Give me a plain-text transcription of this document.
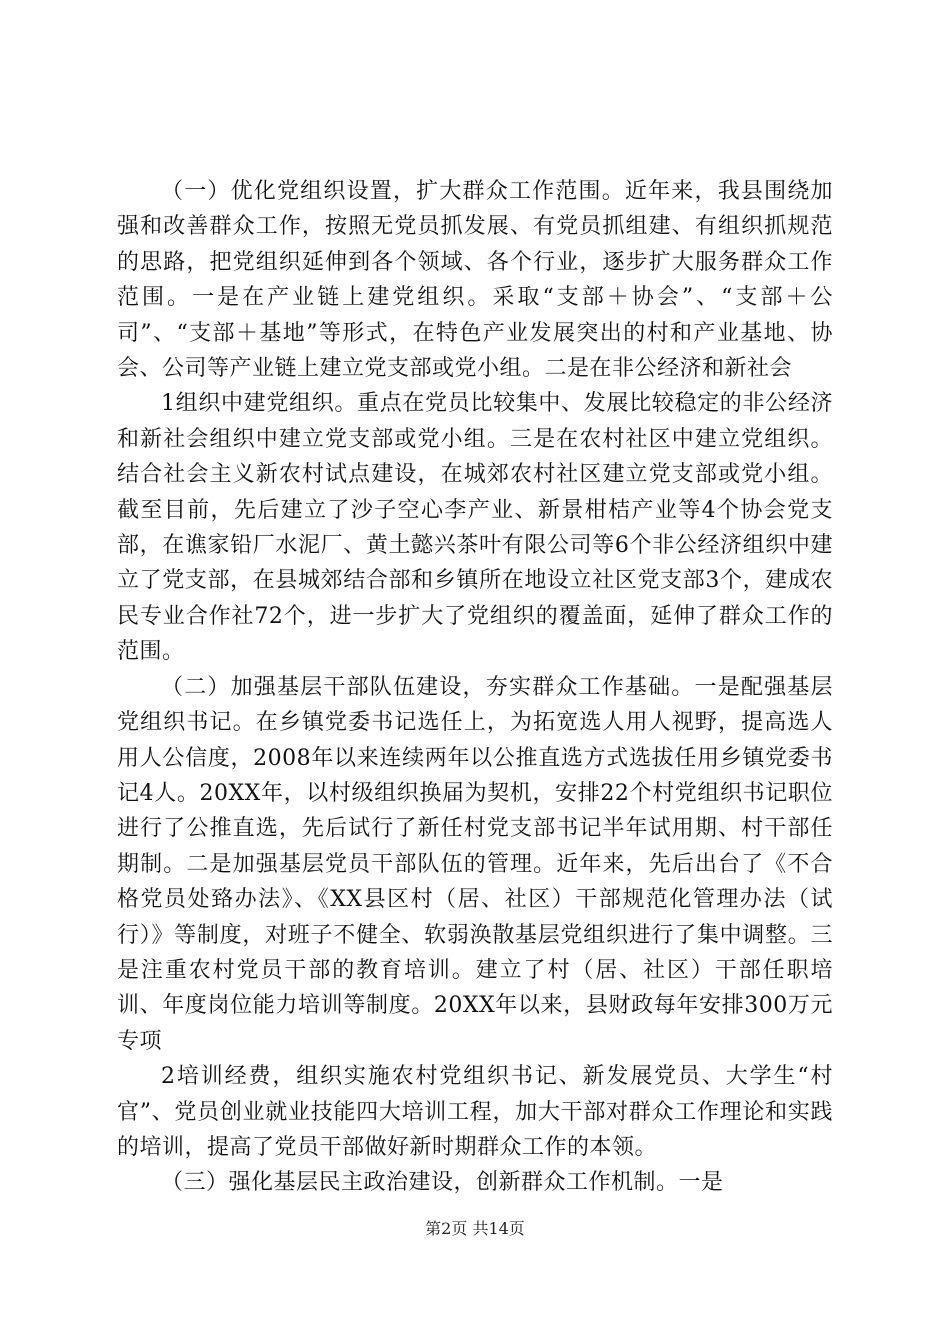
（一）优化党组织设置，扩大群众工作范围。近年来，我县围绕加强和改善群众工作，按照无党员抓发展、有党员抓组建、有组织抓规范的思路，把党组织延伸到各个领域、各个行业，逐步扩大服务群众工作范围。一是在产业链上建党组织。采取“支部＋协会”、“支部＋公司”、“支部＋基地”等形式，在特色产业发展突出的村和产业基地、协会、公司等产业链上建立党支部或党小组。二是在非公经济和新社会

1组织中建党组织。重点在党员比较集中、发展比较稳定的非公经济和新社会组织中建立党支部或党小组。三是在农村社区中建立党组织。结合社会主义新农村试点建设，在城郊农村社区建立党支部或党小组。截至目前，先后建立了沙子空心李产业、新景柑桔产业等4个协会党支部，在谯家铅厂水泥厂、黄土懿兴茶叶有限公司等6个非公经济组织中建立了党支部，在县城郊结合部和乡镇所在地设立社区党支部3个，建成农民专业合作社72个，进一步扩大了党组织的覆盖面，延伸了群众工作的范围。

（二）加强基层干部队伍建设，夯实群众工作基础。一是配强基层党组织书记。在乡镇党委书记选任上，为拓宽选人用人视野，提高选人用人公信度，2008年以来连续两年以公推直选方式选拔任用乡镇党委书记4人。20XX年，以村级组织换届为契机，安排22个村党组织书记职位进行了公推直选，先后试行了新任村党支部书记半年试用期、村干部任期制。二是加强基层党员干部队伍的管理。近年来，先后出台了《不合格党员处臵办法》、《XX县区村（居、社区）干部规范化管理办法（试行）》等制度，对班子不健全、软弱涣散基层党组织进行了集中调整。三是注重农村党员干部的教育培训。建立了村（居、社区）干部任职培训、年度岗位能力培训等制度。20XX年以来，县财政每年安排300万元专项

2培训经费，组织实施农村党组织书记、新发展党员、大学生“村官”、党员创业就业技能四大培训工程，加大干部对群众工作理论和实践的培训，提高了党员干部做好新时期群众工作的本领。

（三）强化基层民主政治建设，创新群众工作机制。一是

第2页 共14页
